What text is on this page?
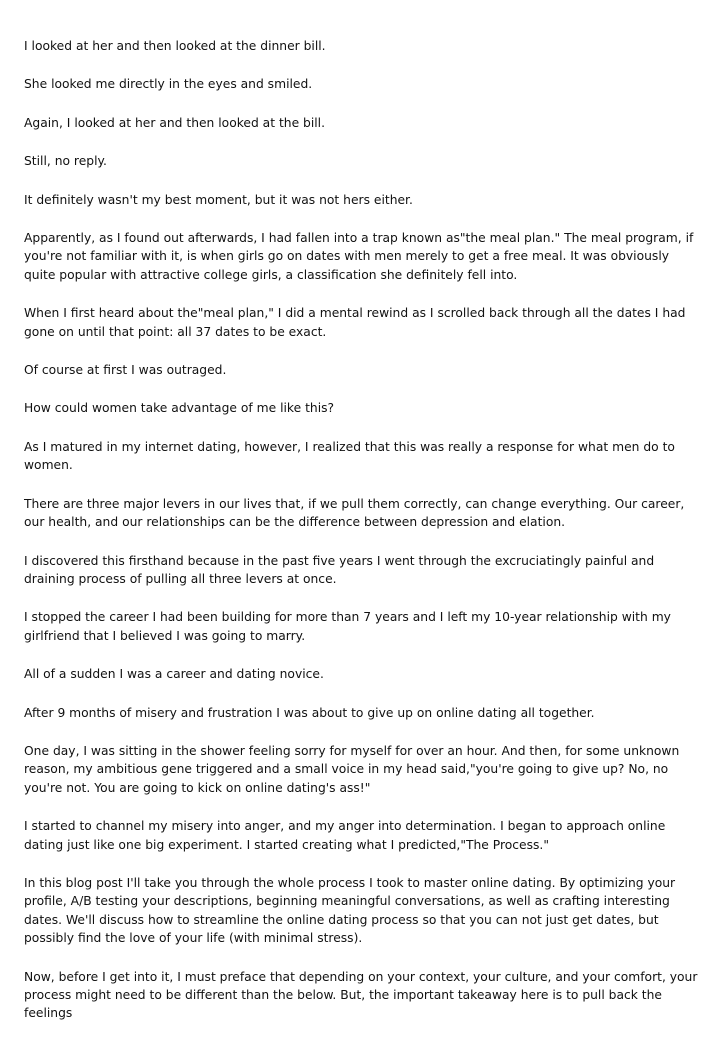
I looked at her and then looked at the dinner bill.

She looked me directly in the eyes and smiled.

Again, I looked at her and then looked at the bill.

Still, no reply.

It definitely wasn't my best moment, but it was not hers either.

Apparently, as I found out afterwards, I had fallen into a trap known as"the meal plan." The meal program, if you're not familiar with it, is when girls go on dates with men merely to get a free meal. It was obviously quite popular with attractive college girls, a classification she definitely fell into.

When I first heard about the"meal plan," I did a mental rewind as I scrolled back through all the dates I had gone on until that point: all 37 dates to be exact.

Of course at first I was outraged.

How could women take advantage of me like this?

As I matured in my internet dating, however, I realized that this was really a response for what men do to women.

There are three major levers in our lives that, if we pull them correctly, can change everything. Our career, our health, and our relationships can be the difference between depression and elation.

I discovered this firsthand because in the past five years I went through the excruciatingly painful and draining process of pulling all three levers at once.

I stopped the career I had been building for more than 7 years and I left my 10-year relationship with my girlfriend that I believed I was going to marry.

All of a sudden I was a career and dating novice.

After 9 months of misery and frustration I was about to give up on online dating all together.

One day, I was sitting in the shower feeling sorry for myself for over an hour. And then, for some unknown reason, my ambitious gene triggered and a small voice in my head said,"you're going to give up? No, no you're not. You are going to kick on online dating's ass!"

I started to channel my misery into anger, and my anger into determination. I began to approach online dating just like one big experiment. I started creating what I predicted,"The Process."

In this blog post I'll take you through the whole process I took to master online dating. By optimizing your profile, A/B testing your descriptions, beginning meaningful conversations, as well as crafting interesting dates. We'll discuss how to streamline the online dating process so that you can not just get dates, but possibly find the love of your life (with minimal stress).

Now, before I get into it, I must preface that depending on your context, your culture, and your comfort, your process might need to be different than the below. But, the important takeaway here is to pull back the feelings
